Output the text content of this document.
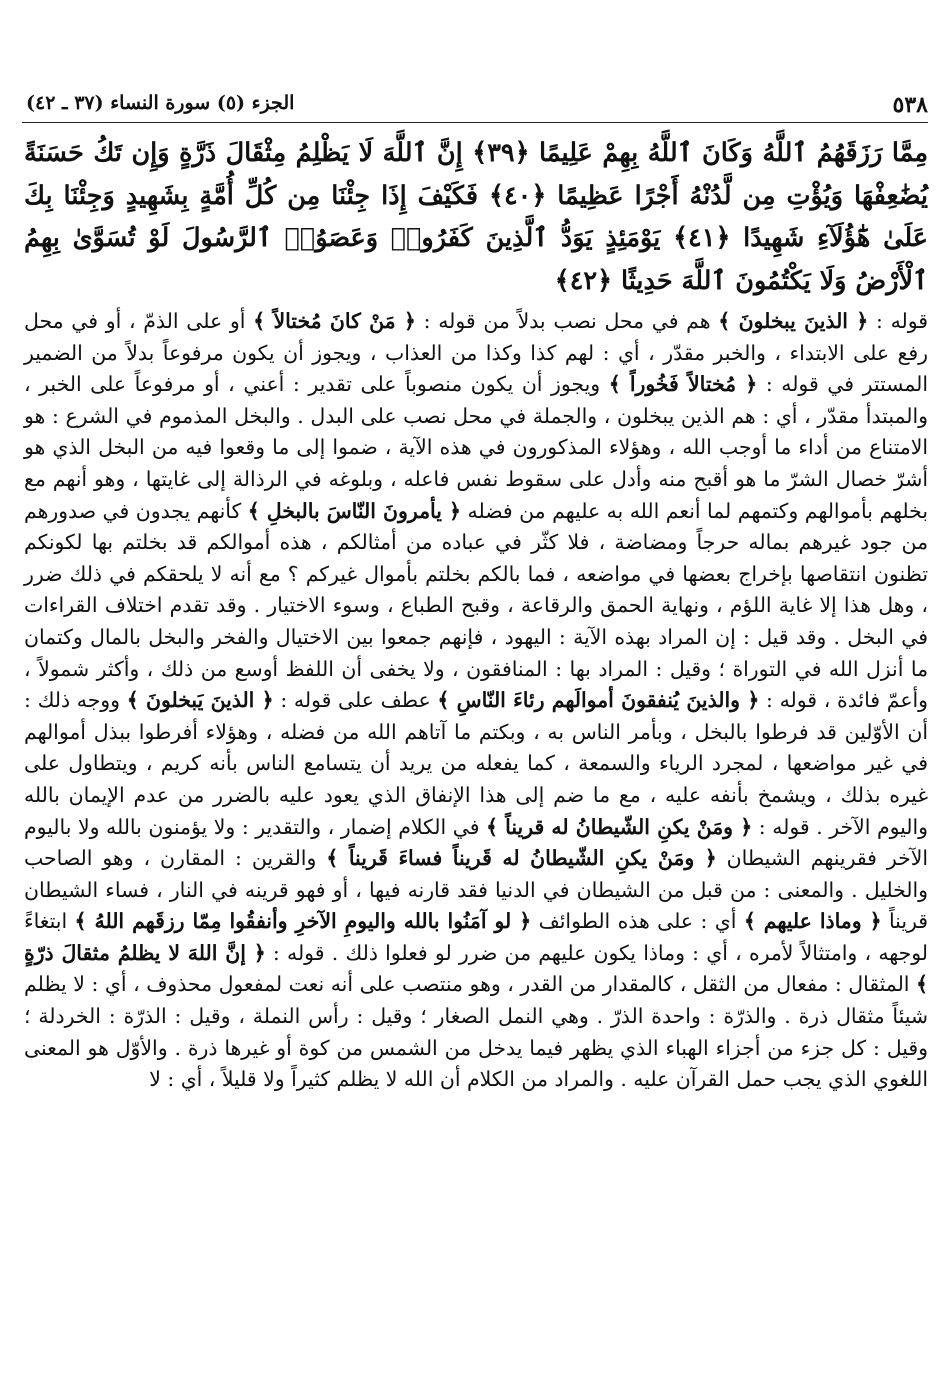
٥٣٨
الجزء (٥) سورة النساء (٣٧ ـ ٤٢)
مِمَّا رَزَقَهُمُ ٱللَّهُ وَكَانَ ٱللَّهُ بِهِمْ عَلِيمًا ﴿٣٩﴾ إِنَّ ٱللَّهَ لَا يَظْلِمُ مِثْقَالَ ذَرَّةٍ وَإِن تَكُ حَسَنَةً يُضَٰعِفْهَا وَيُؤْتِ مِن لَّدُنْهُ أَجْرًا عَظِيمًا ﴿٤٠﴾ فَكَيْفَ إِذَا جِئْنَا مِن كُلِّ أُمَّةٍ بِشَهِيدٍ وَجِئْنَا بِكَ عَلَىٰ هَٰٓؤُلَآءِ شَهِيدًا ﴿٤١﴾ يَوْمَئِذٍ يَوَدُّ ٱلَّذِينَ كَفَرُوا۟ وَعَصَوُا۟ ٱلرَّسُولَ لَوْ تُسَوَّىٰ بِهِمُ ٱلْأَرْضُ وَلَا يَكْتُمُونَ ٱللَّهَ حَدِيثًا ﴿٤٢﴾
قوله : ﴿ الذينَ يبخلونَ ﴾ هم في محل نصب بدلاً من قوله : ﴿ مَنْ كانَ مُختالاً ﴾ أو على الذمّ ، أو في محل رفع على الابتداء ، والخبر مقدّر ، أي : لهم كذا وكذا من العذاب ، ويجوز أن يكون مرفوعاً بدلاً من الضمير المستتر في قوله : ﴿ مُختالاً فَخُوراً ﴾ ويجوز أن يكون منصوباً على تقدير : أعني ، أو مرفوعاً على الخبر ، والمبتدأ مقدّر ، أي : هم الذين يبخلون ، والجملة في محل نصب على البدل . والبخل المذموم في الشرع : هو الامتناع من أداء ما أوجب الله ، وهؤلاء المذكورون في هذه الآية ، ضموا إلى ما وقعوا فيه من البخل الذي هو أشرّ خصال الشرّ ما هو أقبح منه وأدل على سقوط نفس فاعله ، وبلوغه في الرذالة إلى غايتها ، وهو أنهم مع بخلهم بأموالهم وكتمهم لما أنعم الله به عليهم من فضله ﴿ يأمرونَ النّاسَ بالبخلِ ﴾ كأنهم يجدون في صدورهم من جود غيرهم بماله حرجاً ومضاضة ، فلا كثّر في عباده من أمثالكم ، هذه أموالكم قد بخلتم بها لكونكم تظنون انتقاصها بإخراج بعضها في مواضعه ، فما بالكم بخلتم بأموال غيركم ؟ مع أنه لا يلحقكم في ذلك ضرر ، وهل هذا إلا غاية اللؤم ، ونهاية الحمق والرقاعة ، وقبح الطباع ، وسوء الاختيار . وقد تقدم اختلاف القراءات في البخل . وقد قيل : إن المراد بهذه الآية : اليهود ، فإنهم جمعوا بين الاختيال والفخر والبخل بالمال وكتمان ما أنزل الله في التوراة ؛ وقيل : المراد بها : المنافقون ، ولا يخفى أن اللفظ أوسع من ذلك ، وأكثر شمولاً ، وأعمّ فائدة ، قوله : ﴿ والذينَ يُنفقونَ أموالَهم رئاءَ النّاسِ ﴾ عطف على قوله : ﴿ الذينَ يَبخلونَ ﴾ ووجه ذلك : أن الأوّلين قد فرطوا بالبخل ، وبأمر الناس به ، وبكتم ما آتاهم الله من فضله ، وهؤلاء أفرطوا ببذل أموالهم في غير مواضعها ، لمجرد الرياء والسمعة ، كما يفعله من يريد أن يتسامع الناس بأنه كريم ، ويتطاول على غيره بذلك ، ويشمخ بأنفه عليه ، مع ما ضم إلى هذا الإنفاق الذي يعود عليه بالضرر من عدم الإيمان بالله واليوم الآخر . قوله : ﴿ ومَنْ يكنِ الشّيطانُ له قريناً ﴾ في الكلام إضمار ، والتقدير : ولا يؤمنون بالله ولا باليوم الآخر فقرينهم الشيطان ﴿ ومَنْ يكنِ الشّيطانُ له قَريناً فساءَ قَريناً ﴾ والقرين : المقارن ، وهو الصاحب والخليل . والمعنى : من قبل من الشيطان في الدنيا فقد قارنه فيها ، أو فهو قرينه في النار ، فساء الشيطان قريناً ﴿ وماذا عليهم ﴾ أي : على هذه الطوائف ﴿ لو آمَنُوا بالله واليومِ الآخرِ وأنفقُوا مِمّا رزقَهم اللهُ ﴾ ابتغاءً لوجهه ، وامتثالاً لأمره ، أي : وماذا يكون عليهم من ضرر لو فعلوا ذلك . قوله : ﴿ إنَّ اللهَ لا يظلمُ مثقالَ ذرّةٍ ﴾ المثقال : مفعال من الثقل ، كالمقدار من القدر ، وهو منتصب على أنه نعت لمفعول محذوف ، أي : لا يظلم شيئاً مثقال ذرة . والذرّة : واحدة الذرّ . وهي النمل الصغار ؛ وقيل : رأس النملة ، وقيل : الذرّة : الخردلة ؛ وقيل : كل جزء من أجزاء الهباء الذي يظهر فيما يدخل من الشمس من كوة أو غيرها ذرة . والأوّل هو المعنى اللغوي الذي يجب حمل القرآن عليه . والمراد من الكلام أن الله لا يظلم كثيراً ولا قليلاً ، أي : لا
